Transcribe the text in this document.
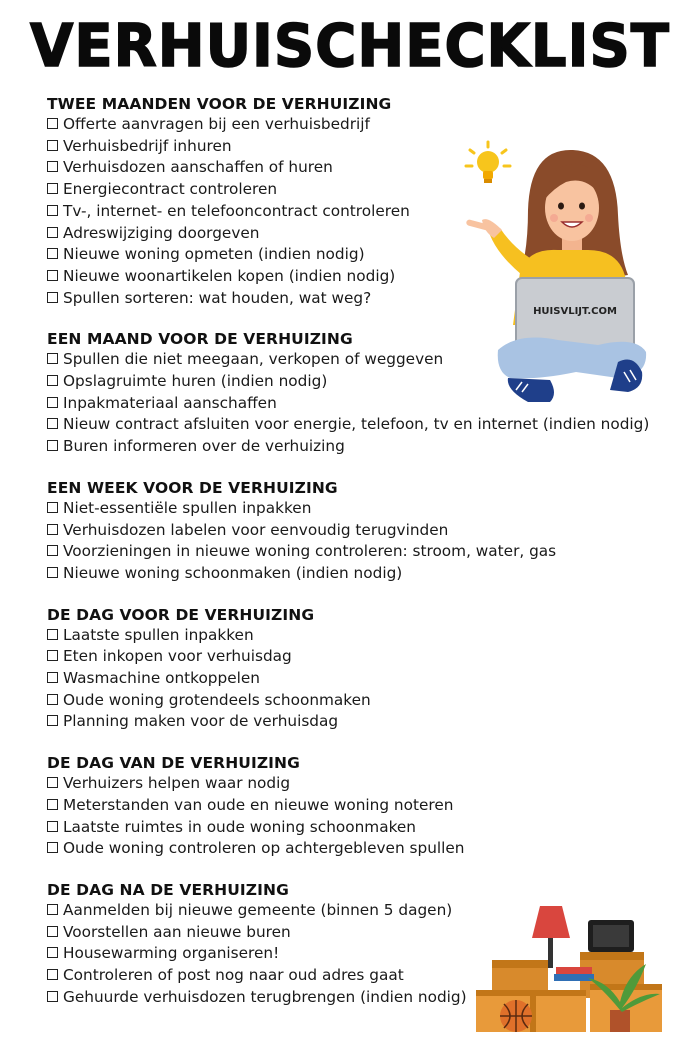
VERHUISCHECKLIST
TWEE MAANDEN VOOR DE VERHUIZING
Offerte aanvragen bij een verhuisbedrijf
Verhuisbedrijf inhuren
Verhuisdozen aanschaffen of huren
Energiecontract controleren
Tv-, internet- en telefooncontract controleren
Adreswijziging doorgeven
Nieuwe woning opmeten (indien nodig)
Nieuwe woonartikelen kopen (indien nodig)
Spullen sorteren: wat houden, wat weg?
EEN MAAND VOOR DE VERHUIZING
Spullen die niet meegaan, verkopen of weggeven
Opslagruimte huren (indien nodig)
Inpakmateriaal aanschaffen
Nieuw contract afsluiten voor energie, telefoon, tv en internet (indien nodig)
Buren informeren over de verhuizing
EEN WEEK VOOR DE VERHUIZING
Niet-essentiële spullen inpakken
Verhuisdozen labelen voor eenvoudig terugvinden
Voorzieningen in nieuwe woning controleren: stroom, water, gas
Nieuwe woning schoonmaken (indien nodig)
DE DAG VOOR DE VERHUIZING
Laatste spullen inpakken
Eten inkopen voor verhuisdag
Wasmachine ontkoppelen
Oude woning grotendeels schoonmaken
Planning maken voor de verhuisdag
DE DAG VAN DE VERHUIZING
Verhuizers helpen waar nodig
Meterstanden van oude en nieuwe woning noteren
Laatste ruimtes in oude woning schoonmaken
Oude woning controleren op achtergebleven spullen
DE DAG NA DE VERHUIZING
Aanmelden bij nieuwe gemeente (binnen 5 dagen)
Voorstellen aan nieuwe buren
Housewarming organiseren!
Controleren of post nog naar oud adres gaat
Gehuurde verhuisdozen terugbrengen (indien nodig)
HUISVLIJT.COM
